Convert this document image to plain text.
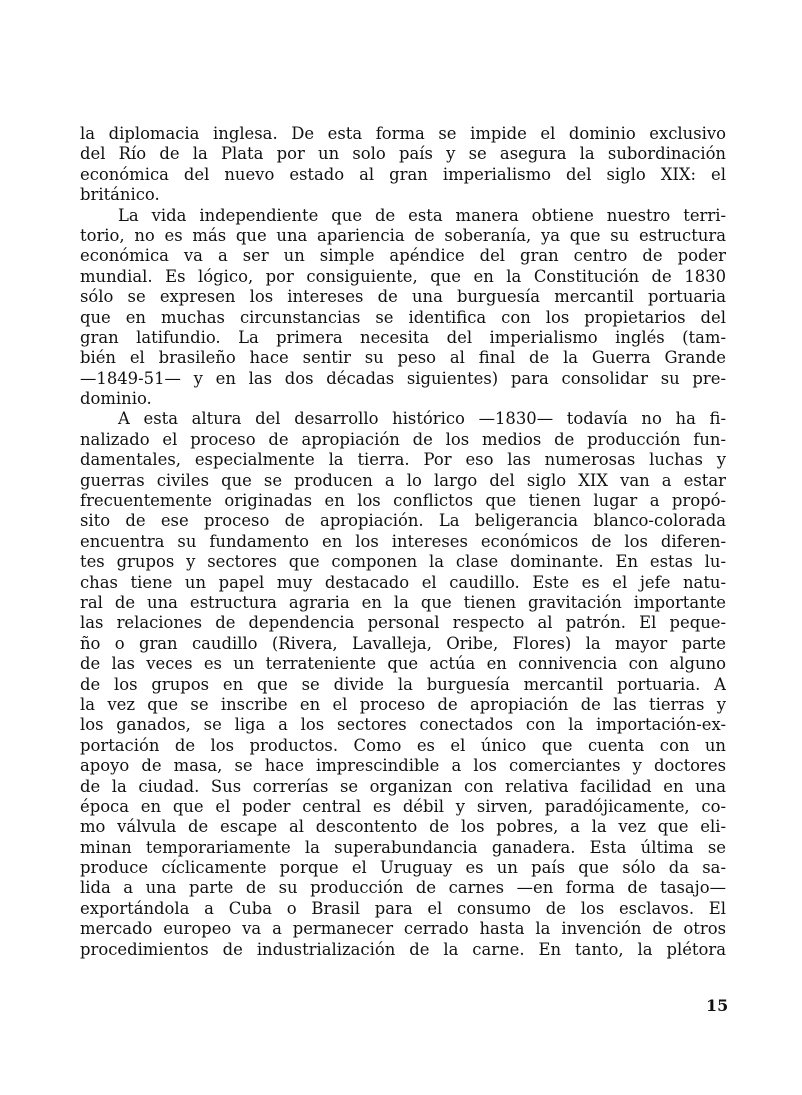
la diplomacia inglesa. De esta forma se impide el dominio exclusivo
del Río de la Plata por un solo país y se asegura la subordinación
económica del nuevo estado al gran imperialismo del siglo XIX: el
británico.
La vida independiente que de esta manera obtiene nuestro terri-
torio, no es más que una apariencia de soberanía, ya que su estructura
económica va a ser un simple apéndice del gran centro de poder
mundial. Es lógico, por consiguiente, que en la Constitución de 1830
sólo se expresen los intereses de una burguesía mercantil portuaria
que en muchas circunstancias se identifica con los propietarios del
gran latifundio. La primera necesita del imperialismo inglés (tam-
bién el brasileño hace sentir su peso al final de la Guerra Grande
—1849-51— y en las dos décadas siguientes) para consolidar su pre-
dominio.
A esta altura del desarrollo histórico —1830— todavía no ha fi-
nalizado el proceso de apropiación de los medios de producción fun-
damentales, especialmente la tierra. Por eso las numerosas luchas y
guerras civiles que se producen a lo largo del siglo XIX van a estar
frecuentemente originadas en los conflictos que tienen lugar a propó-
sito de ese proceso de apropiación. La beligerancia blanco-colorada
encuentra su fundamento en los intereses económicos de los diferen-
tes grupos y sectores que componen la clase dominante. En estas lu-
chas tiene un papel muy destacado el caudillo. Este es el jefe natu-
ral de una estructura agraria en la que tienen gravitación importante
las relaciones de dependencia personal respecto al patrón. El peque-
ño o gran caudillo (Rivera, Lavalleja, Oribe, Flores) la mayor parte
de las veces es un terrateniente que actúa en connivencia con alguno
de los grupos en que se divide la burguesía mercantil portuaria. A
la vez que se inscribe en el proceso de apropiación de las tierras y
los ganados, se liga a los sectores conectados con la importación-ex-
portación de los productos. Como es el único que cuenta con un
apoyo de masa, se hace imprescindible a los comerciantes y doctores
de la ciudad. Sus correrías se organizan con relativa facilidad en una
época en que el poder central es débil y sirven, paradójicamente, co-
mo válvula de escape al descontento de los pobres, a la vez que eli-
minan temporariamente la superabundancia ganadera. Esta última se
produce cíclicamente porque el Uruguay es un país que sólo da sa-
lida a una parte de su producción de carnes —en forma de tasajo—
exportándola a Cuba o Brasil para el consumo de los esclavos. El
mercado europeo va a permanecer cerrado hasta la invención de otros
procedimientos de industrialización de la carne. En tanto, la plétora
15
